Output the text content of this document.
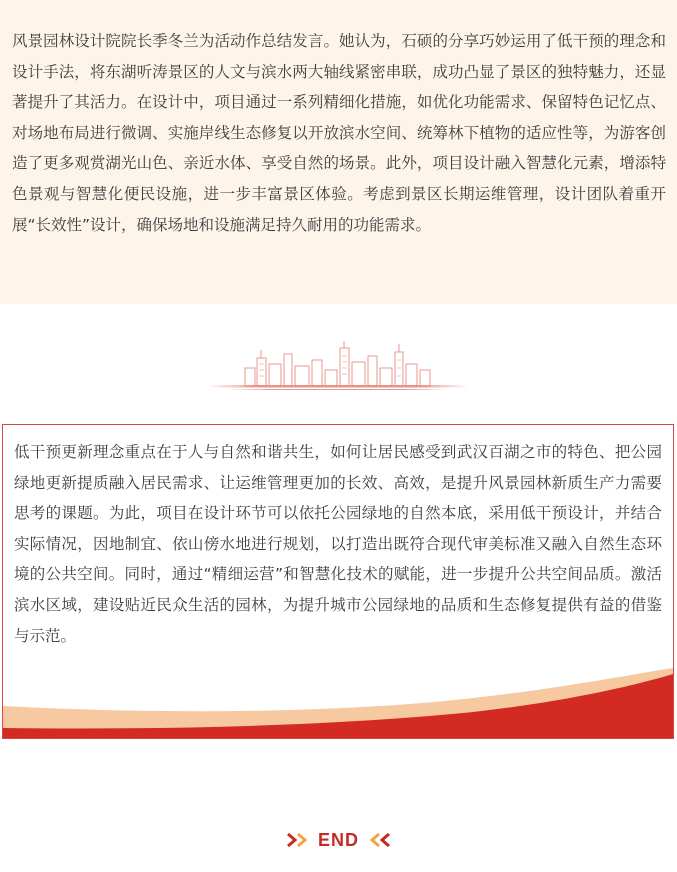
风景园林设计院院长季冬兰为活动作总结发言。她认为，石硕的分享巧妙运用了低干预的理念和设计手法，将东湖听涛景区的人文与滨水两大轴线紧密串联，成功凸显了景区的独特魅力，还显著提升了其活力。在设计中，项目通过一系列精细化措施，如优化功能需求、保留特色记忆点、对场地布局进行微调、实施岸线生态修复以开放滨水空间、统筹林下植物的适应性等，为游客创造了更多观赏湖光山色、亲近水体、享受自然的场景。此外，项目设计融入智慧化元素，增添特色景观与智慧化便民设施，进一步丰富景区体验。考虑到景区长期运维管理，设计团队着重开展“长效性”设计，确保场地和设施满足持久耐用的功能需求。

低干预更新理念重点在于人与自然和谐共生，如何让居民感受到武汉百湖之市的特色、把公园绿地更新提质融入居民需求、让运维管理更加的长效、高效，是提升风景园林新质生产力需要思考的课题。为此，项目在设计环节可以依托公园绿地的自然本底，采用低干预设计，并结合实际情况，因地制宜、依山傍水地进行规划，以打造出既符合现代审美标准又融入自然生态环境的公共空间。同时，通过“精细运营”和智慧化技术的赋能，进一步提升公共空间品质。激活滨水区域，建设贴近民众生活的园林，为提升城市公园绿地的品质和生态修复提供有益的借鉴与示范。

END
